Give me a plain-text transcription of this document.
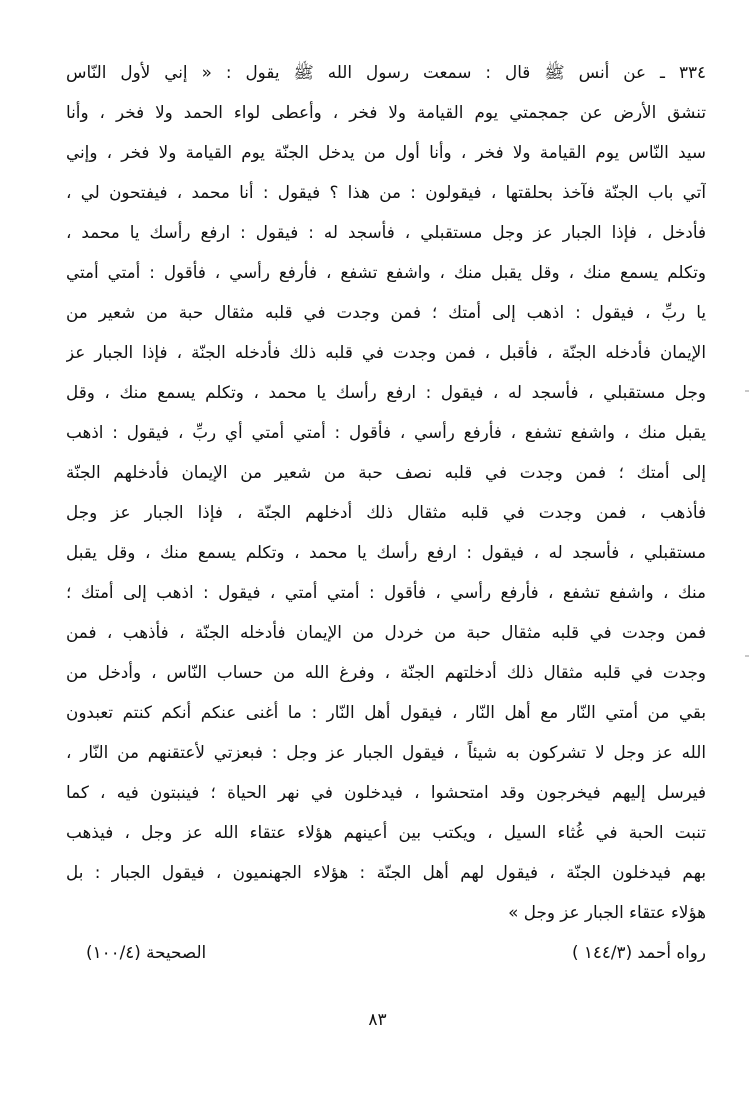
٣٣٤ ـ عن أنس ﷺ قال : سمعت رسول الله ﷺ يقول : « إني لأول النّاس
تنشق الأرض عن جمجمتي يوم القيامة ولا فخر ، وأعطى لواء الحمد ولا فخر ، وأنا
سيد النّاس يوم القيامة ولا فخر ، وأنا أول من يدخل الجنّة يوم القيامة ولا فخر ، وإني
آتي باب الجنّة فآخذ بحلقتها ، فيقولون : من هذا ؟ فيقول : أنا محمد ، فيفتحون لي ،
فأدخل ، فإذا الجبار عز وجل مستقبلي ، فأسجد له : فيقول : ارفع رأسك يا محمد ،
وتكلم يسمع منك ، وقل يقبل منك ، واشفع تشفع ، فأرفع رأسي ، فأقول : أمتي أمتي
يا ربِّ ، فيقول : اذهب إلى أمتك ؛ فمن وجدت في قلبه مثقال حبة من شعير من
الإيمان فأدخله الجنّة ، فأقبل ، فمن وجدت في قلبه ذلك فأدخله الجنّة ، فإذا الجبار عز
وجل مستقبلي ، فأسجد له ، فيقول : ارفع رأسك يا محمد ، وتكلم يسمع منك ، وقل
يقبل منك ، واشفع تشفع ، فأرفع رأسي ، فأقول : أمتي أمتي أي ربِّ ، فيقول : اذهب
إلى أمتك ؛ فمن وجدت في قلبه نصف حبة من شعير من الإيمان فأدخلهم الجنّة
فأذهب ، فمن وجدت في قلبه مثقال ذلك أدخلهم الجنّة ، فإذا الجبار عز وجل
مستقبلي ، فأسجد له ، فيقول : ارفع رأسك يا محمد ، وتكلم يسمع منك ، وقل يقبل
منك ، واشفع تشفع ، فأرفع رأسي ، فأقول : أمتي أمتي ، فيقول : اذهب إلى أمتك ؛
فمن وجدت في قلبه مثقال حبة من خردل من الإيمان فأدخله الجنّة ، فأذهب ، فمن
وجدت في قلبه مثقال ذلك أدخلتهم الجنّة ، وفرغ الله من حساب النّاس ، وأدخل من
بقي من أمتي النّار مع أهل النّار ، فيقول أهل النّار : ما أغنى عنكم أنكم كنتم تعبدون
الله عز وجل لا تشركون به شيئاً ، فيقول الجبار عز وجل : فبعزتي لأعتقنهم من النّار ،
فيرسل إليهم فيخرجون وقد امتحشوا ، فيدخلون في نهر الحياة ؛ فينبتون فيه ، كما
تنبت الحبة في غُثاء السيل ، ويكتب بين أعينهم هؤلاء عتقاء الله عز وجل ، فيذهب
بهم فيدخلون الجنّة ، فيقول لهم أهل الجنّة : هؤلاء الجهنميون ، فيقول الجبار : بل
هؤلاء عتقاء الجبار عز وجل »
رواه أحمد (١٤٤/٣ )
الصحيحة (١٠٠/٤)
٨٣
